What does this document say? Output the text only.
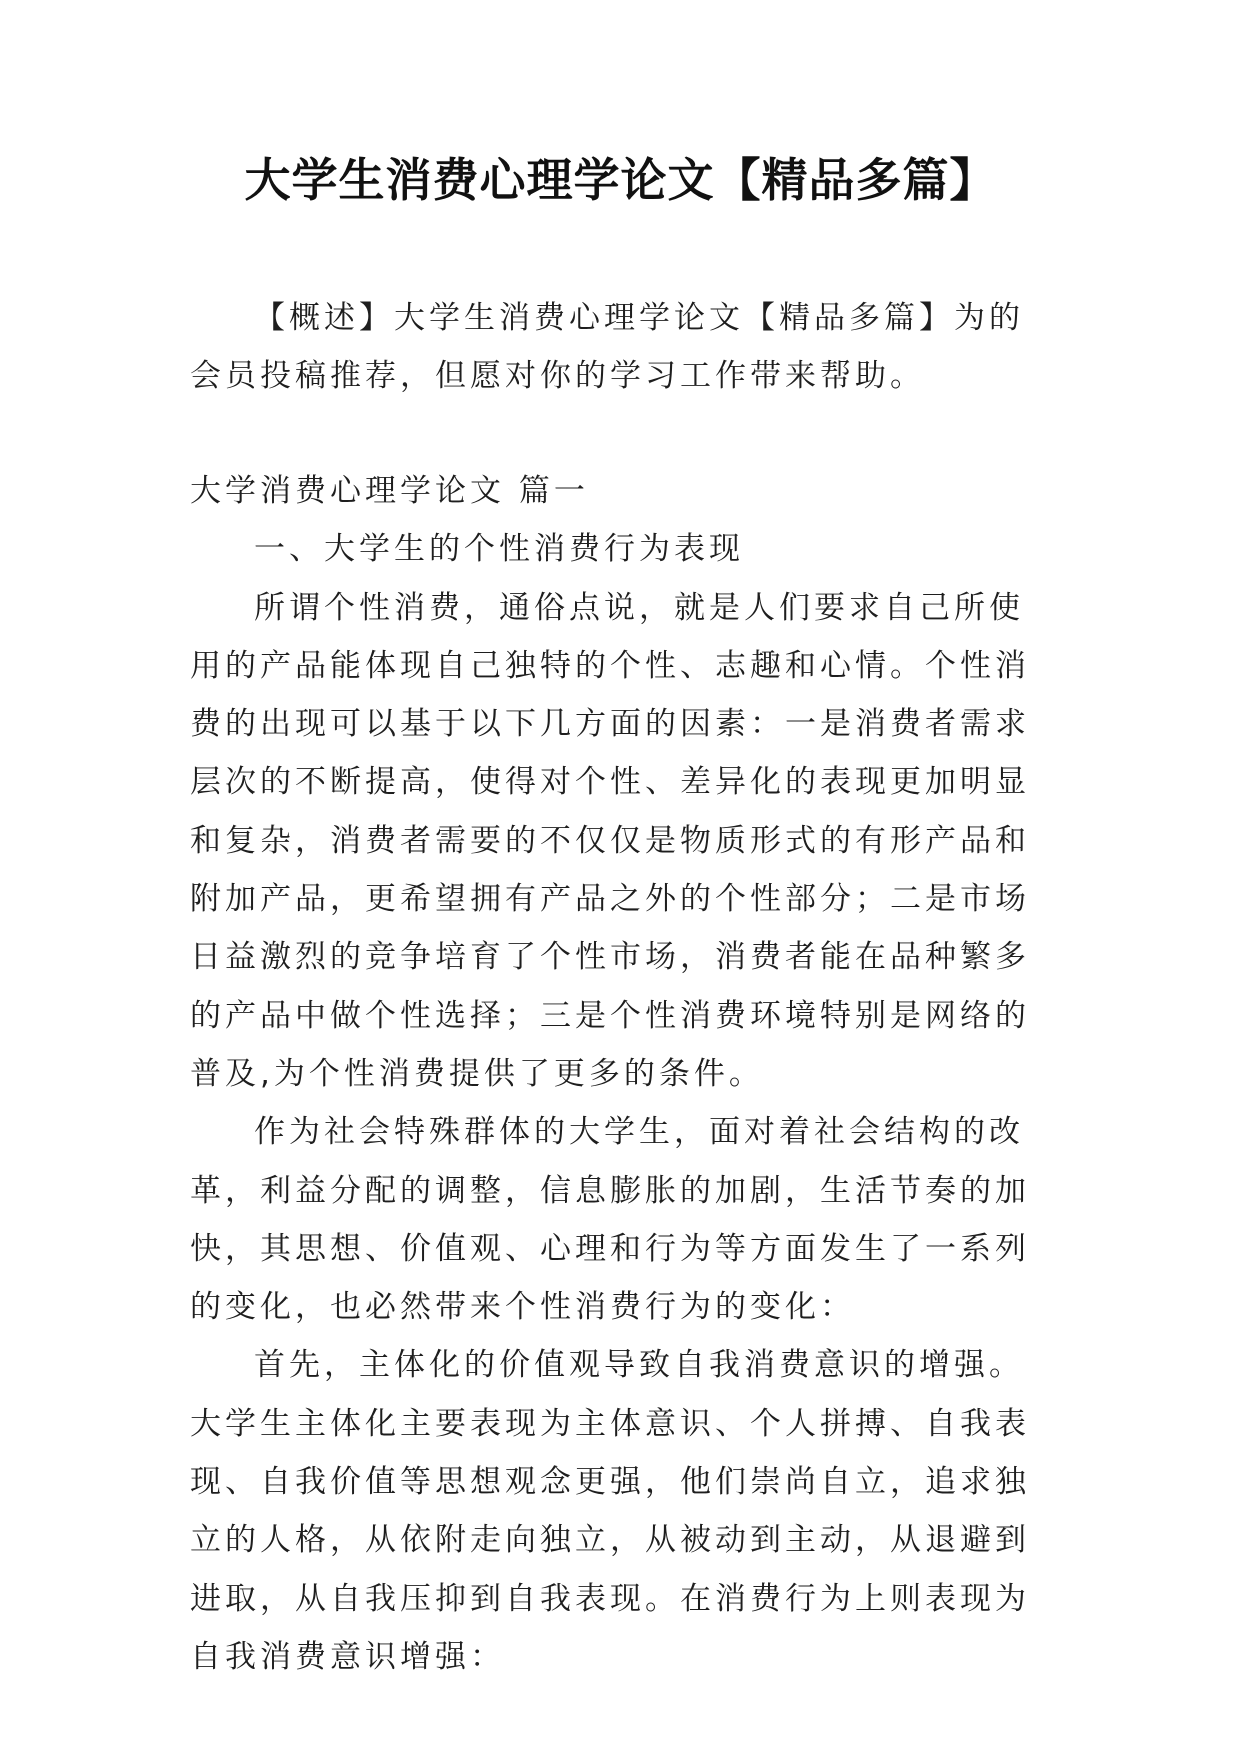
大学生消费心理学论文【精品多篇】

【概述】大学生消费心理学论文【精品多篇】为的会员投稿推荐，但愿对你的学习工作带来帮助。

大学消费心理学论文 篇一

一、大学生的个性消费行为表现

所谓个性消费，通俗点说，就是人们要求自己所使用的产品能体现自己独特的个性、志趣和心情。个性消费的出现可以基于以下几方面的因素：一是消费者需求层次的不断提高，使得对个性、差异化的表现更加明显和复杂，消费者需要的不仅仅是物质形式的有形产品和附加产品，更希望拥有产品之外的个性部分；二是市场日益激烈的竞争培育了个性市场，消费者能在品种繁多的产品中做个性选择；三是个性消费环境特别是网络的普及,为个性消费提供了更多的条件。

作为社会特殊群体的大学生，面对着社会结构的改革，利益分配的调整，信息膨胀的加剧，生活节奏的加快，其思想、价值观、心理和行为等方面发生了一系列的变化，也必然带来个性消费行为的变化：

首先，主体化的价值观导致自我消费意识的增强。大学生主体化主要表现为主体意识、个人拼搏、自我表现、自我价值等思想观念更强，他们崇尚自立，追求独立的人格，从依附走向独立，从被动到主动，从退避到进取，从自我压抑到自我表现。在消费行为上则表现为自我消费意识增强：
